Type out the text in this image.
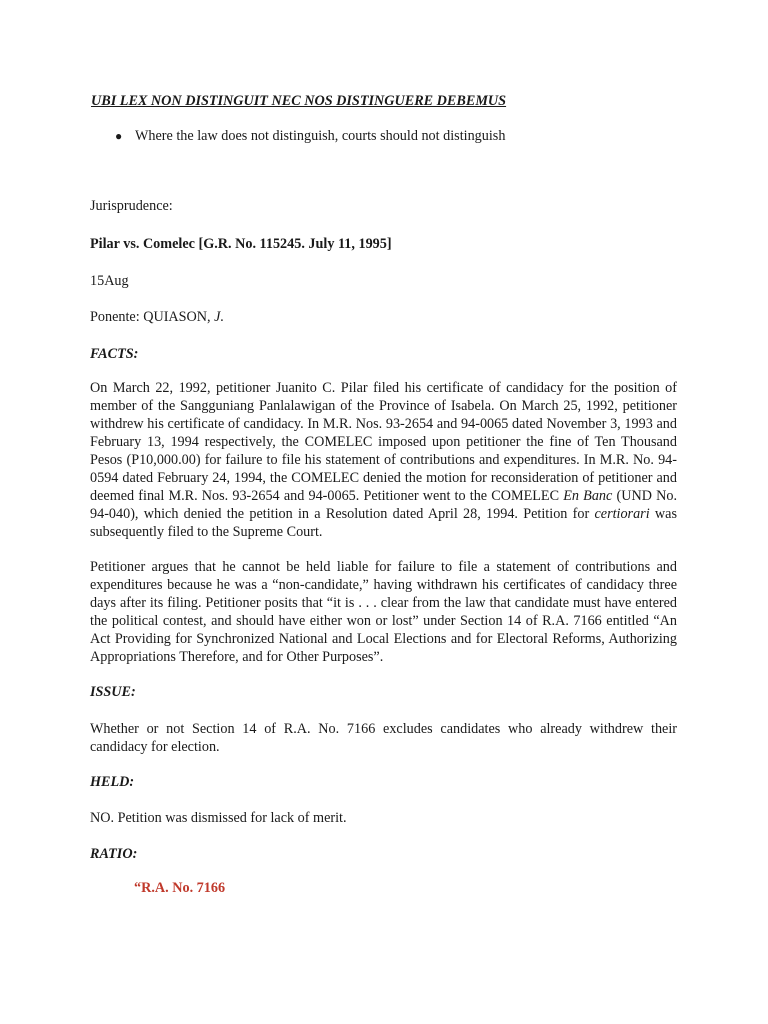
UBI LEX NON DISTINGUIT NEC NOS DISTINGUERE DEBEMUS
● Where the law does not distinguish, courts should not distinguish
Jurisprudence:
Pilar vs. Comelec [G.R. No. 115245. July 11, 1995]
15Aug
Ponente: QUIASON, J.
FACTS:

On March 22, 1992, petitioner Juanito C. Pilar filed his certificate of candidacy for the position of member of the Sangguniang Panlalawigan of the Province of Isabela. On March 25, 1992, petitioner withdrew his certificate of candidacy. In M.R. Nos. 93-2654 and 94-0065 dated November 3, 1993 and February 13, 1994 respectively, the COMELEC imposed upon petitioner the fine of Ten Thousand Pesos (P10,000.00) for failure to file his statement of contributions and expenditures. In M.R. No. 94-0594 dated February 24, 1994, the COMELEC denied the motion for reconsideration of petitioner and deemed final M.R. Nos. 93-2654 and 94-0065. Petitioner went to the COMELEC En Banc (UND No. 94-040), which denied the petition in a Resolution dated April 28, 1994. Petition for certiorari was subsequently filed to the Supreme Court.

Petitioner argues that he cannot be held liable for failure to file a statement of contributions and expenditures because he was a “non-candidate,” having withdrawn his certificates of candidacy three days after its filing. Petitioner posits that “it is . . . clear from the law that candidate must have entered the political contest, and should have either won or lost” under Section 14 of R.A. 7166 entitled “An Act Providing for Synchronized National and Local Elections and for Electoral Reforms, Authorizing Appropriations Therefore, and for Other Purposes”.

ISSUE:

Whether or not Section 14 of R.A. No. 7166 excludes candidates who already withdrew their candidacy for election.

HELD:
NO. Petition was dismissed for lack of merit.
RATIO:
“R.A. No. 7166
